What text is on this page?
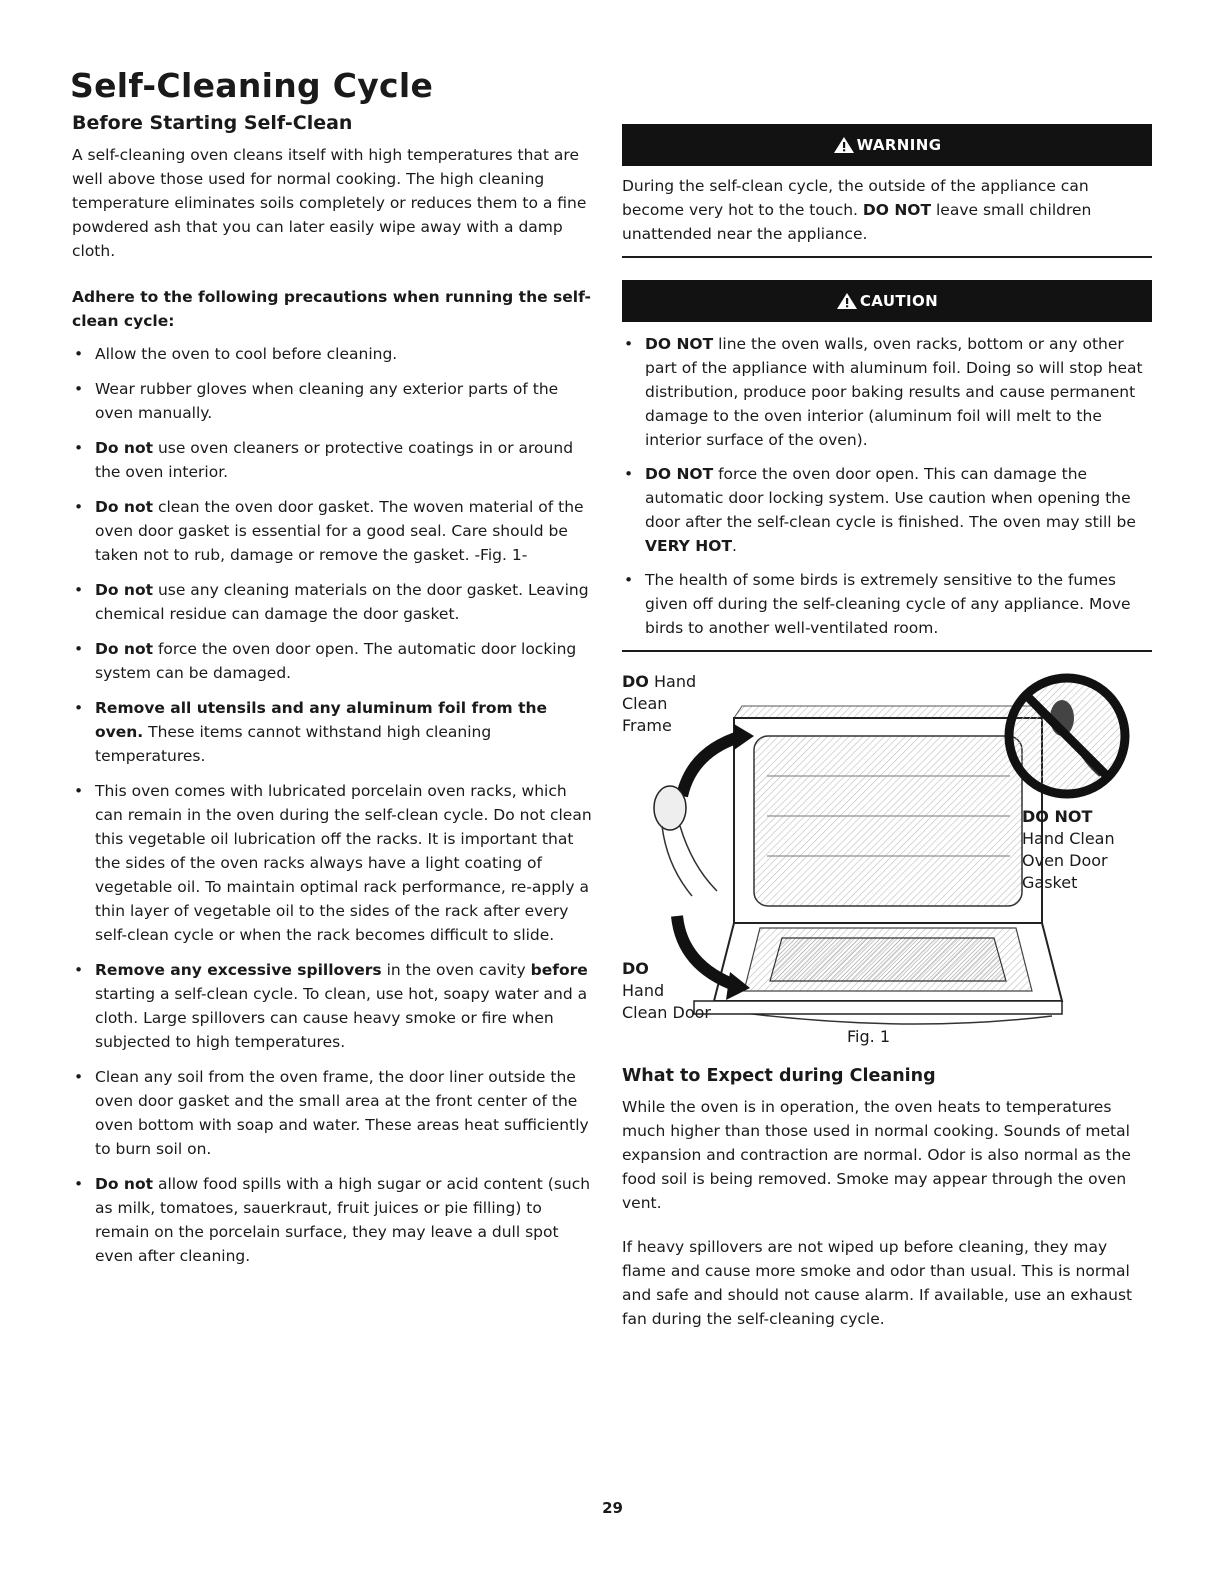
Self-Cleaning Cycle
Before Starting Self-Clean

A self-cleaning oven cleans itself with high temperatures that are well above those used for normal cooking. The high cleaning temperature eliminates soils completely or reduces them to a fine powdered ash that you can later easily wipe away with a damp cloth.

Adhere to the following precautions when running the self-clean cycle:

• Allow the oven to cool before cleaning.
• Wear rubber gloves when cleaning any exterior parts of the oven manually.
• Do not use oven cleaners or protective coatings in or around the oven interior.
• Do not clean the oven door gasket. The woven material of the oven door gasket is essential for a good seal. Care should be taken not to rub, damage or remove the gasket. -Fig. 1-
• Do not use any cleaning materials on the door gasket. Leaving chemical residue can damage the door gasket.
• Do not force the oven door open. The automatic door locking system can be damaged.
• Remove all utensils and any aluminum foil from the oven. These items cannot withstand high cleaning temperatures.
• This oven comes with lubricated porcelain oven racks, which can remain in the oven during the self-clean cycle. Do not clean this vegetable oil lubrication off the racks. It is important that the sides of the oven racks always have a light coating of vegetable oil. To maintain optimal rack performance, re-apply a thin layer of vegetable oil to the sides of the rack after every self-clean cycle or when the rack becomes difficult to slide.
• Remove any excessive spillovers in the oven cavity before starting a self-clean cycle. To clean, use hot, soapy water and a cloth. Large spillovers can cause heavy smoke or fire when subjected to high temperatures.
• Clean any soil from the oven frame, the door liner outside the oven door gasket and the small area at the front center of the oven bottom with soap and water. These areas heat sufficiently to burn soil on.
• Do not allow food spills with a high sugar or acid content (such as milk, tomatoes, sauerkraut, fruit juices or pie filling) to remain on the porcelain surface, they may leave a dull spot even after cleaning.
WARNING
During the self-clean cycle, the outside of the appliance can become very hot to the touch. DO NOT leave small children unattended near the appliance.
CAUTION
• DO NOT line the oven walls, oven racks, bottom or any other part of the appliance with aluminum foil. Doing so will stop heat distribution, produce poor baking results and cause permanent damage to the oven interior (aluminum foil will melt to the interior surface of the oven).
• DO NOT force the oven door open. This can damage the automatic door locking system. Use caution when opening the door after the self-clean cycle is finished. The oven may still be VERY HOT.
• The health of some birds is extremely sensitive to the fumes given off during the self-cleaning cycle of any appliance. Move birds to another well-ventilated room.
DO Hand
Clean
Frame
DO NOT
Hand Clean
Oven Door
Gasket
DO
Hand
Clean Door
Fig. 1
What to Expect during Cleaning

While the oven is in operation, the oven heats to temperatures much higher than those used in normal cooking. Sounds of metal expansion and contraction are normal. Odor is also normal as the food soil is being removed. Smoke may appear through the oven vent.

If heavy spillovers are not wiped up before cleaning, they may flame and cause more smoke and odor than usual. This is normal and safe and should not cause alarm. If available, use an exhaust fan during the self-cleaning cycle.

29
